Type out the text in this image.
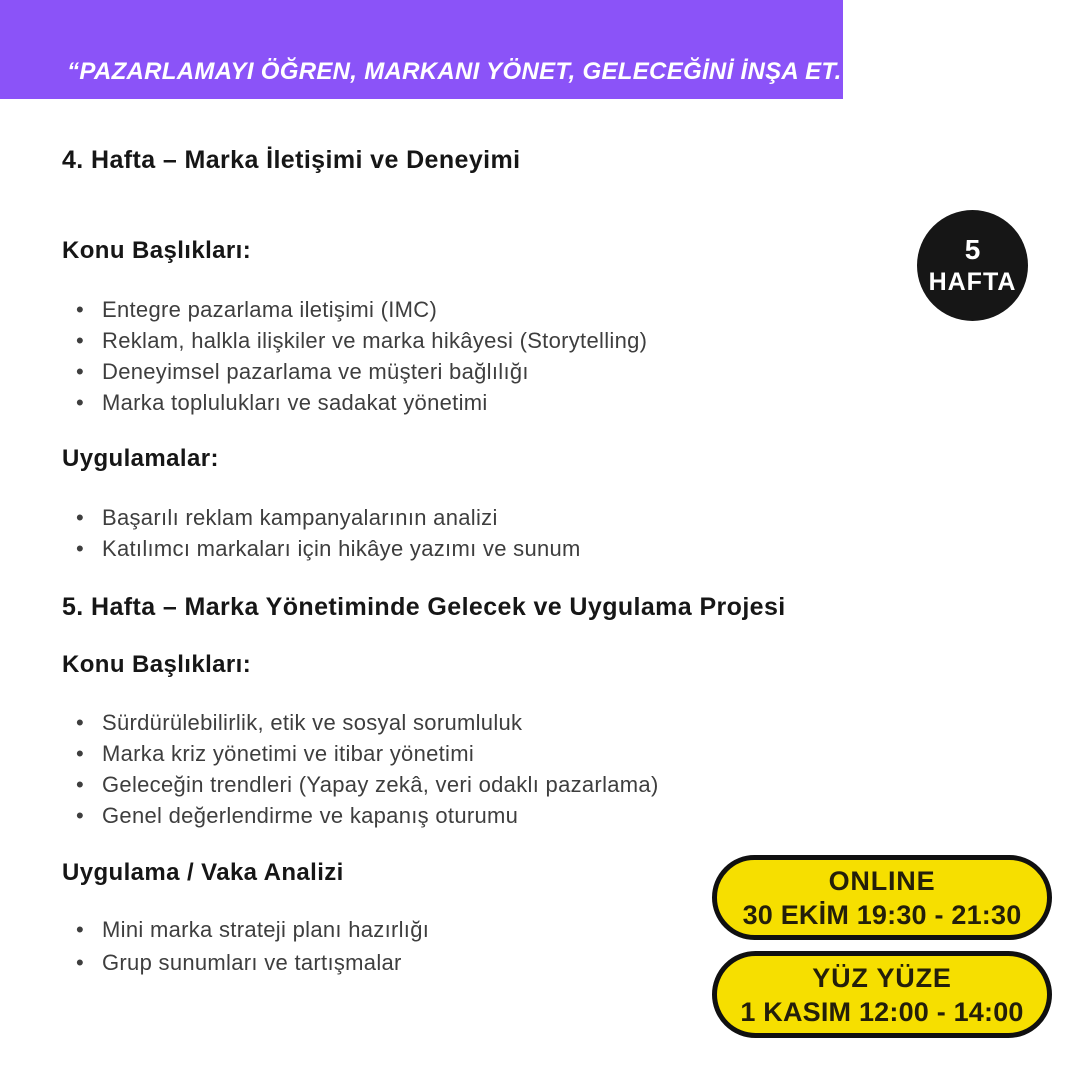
“PAZARLAMAYI ÖĞREN, MARKANI YÖNET, GELECEĞİNİ İNŞA ET.”
5
HAFTA
4. Hafta – Marka İletişimi ve Deneyimi
Konu Başlıkları:
• Entegre pazarlama iletişimi (IMC)
• Reklam, halkla ilişkiler ve marka hikâyesi (Storytelling)
• Deneyimsel pazarlama ve müşteri bağlılığı
• Marka toplulukları ve sadakat yönetimi
Uygulamalar:
• Başarılı reklam kampanyalarının analizi
• Katılımcı markaları için hikâye yazımı ve sunum
5. Hafta – Marka Yönetiminde Gelecek ve Uygulama Projesi
Konu Başlıkları:
• Sürdürülebilirlik, etik ve sosyal sorumluluk
• Marka kriz yönetimi ve itibar yönetimi
• Geleceğin trendleri (Yapay zekâ, veri odaklı pazarlama)
• Genel değerlendirme ve kapanış oturumu
Uygulama / Vaka Analizi
• Mini marka strateji planı hazırlığı
• Grup sunumları ve tartışmalar
ONLINE
30 EKİM 19:30 - 21:30
YÜZ YÜZE
1 KASIM 12:00 - 14:00
